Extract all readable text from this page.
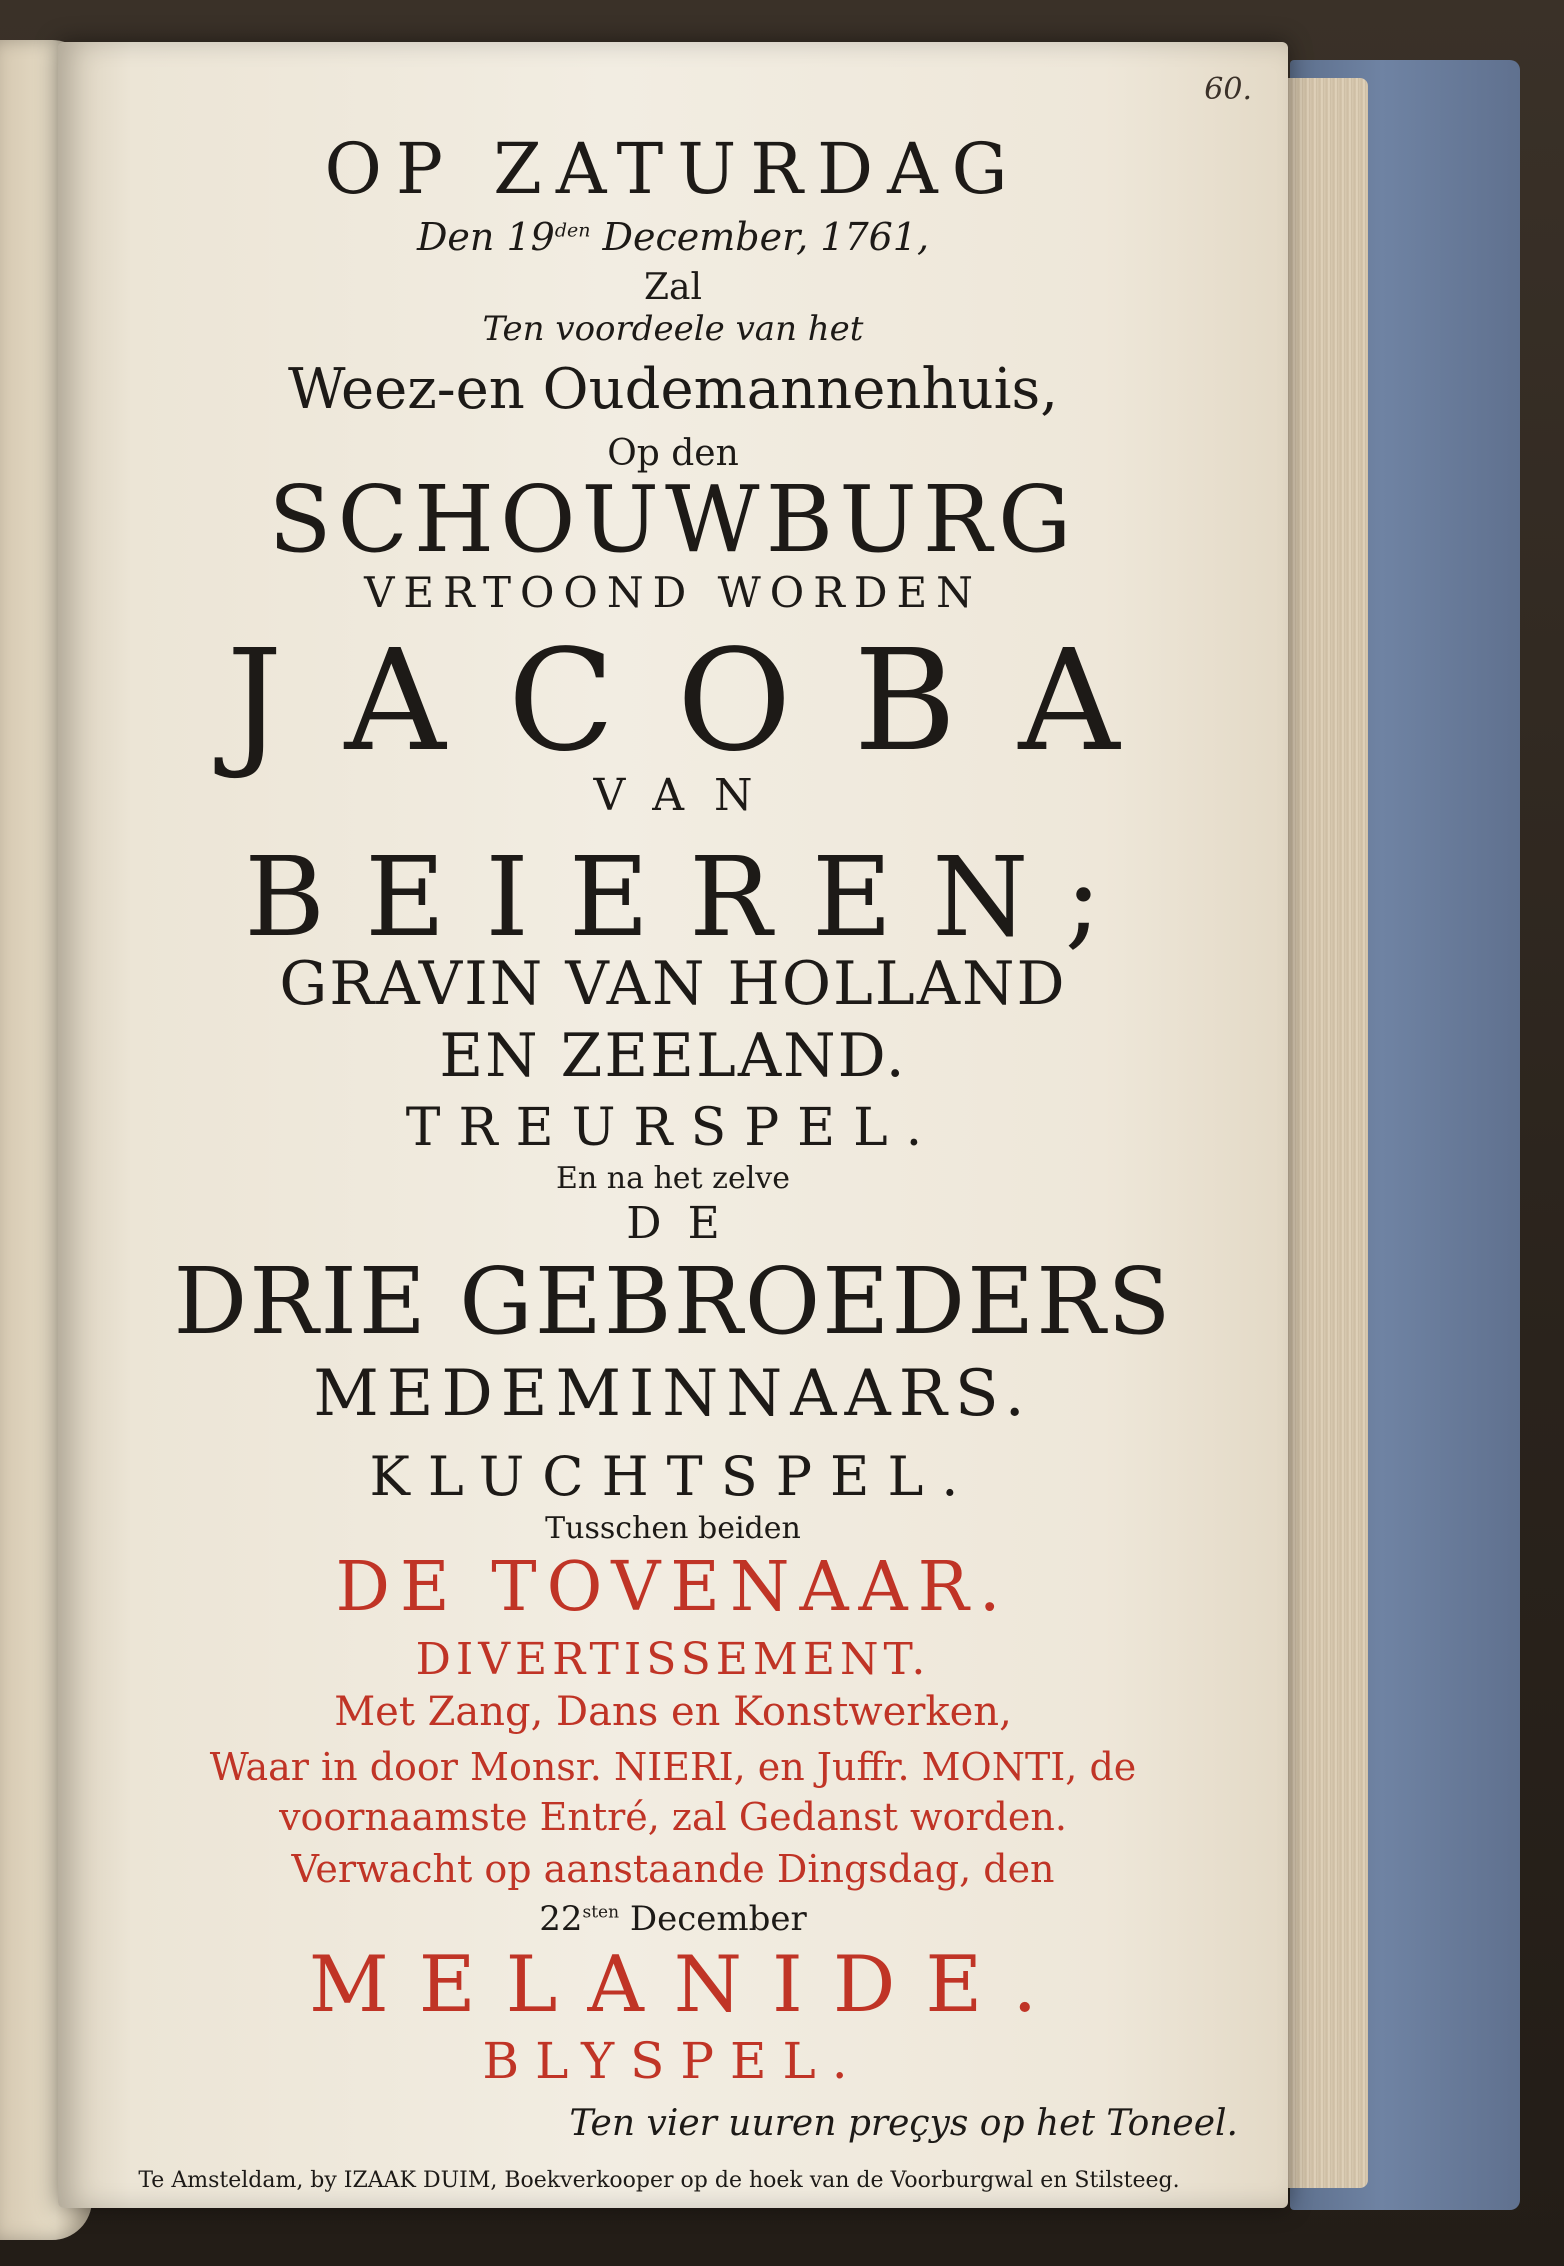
60.
OP ZATURDAG
Den $19^{den}$ December, 1761,
Zal
Ten voordeele van het
Weez-en Oudemannenhuis,
Op den
SCHOUWBURG
VERTOOND WORDEN
JACOBA
VAN
BEIEREN;
GRAVIN VAN HOLLAND
EN ZEELAND.
TREURSPEL.
En na het zelve
DE
DRIE GEBROEDERS
MEDEMINNAARS.
KLUCHTSPEL.
Tusschen beiden
DE TOVENAAR.
DIVERTISSEMENT.
Met Zang, Dans en Konstwerken,
Waar in door Monsr. NIERI, en Juffr. MONTI, de
voornaamste Entré, zal Gedanst worden.
Verwacht op aanstaande Dingsdag, den
$22^{sten}$ December
MELANIDE.
BLYSPEL.
Ten vier uuren preçys op het Toneel.
Te Amsteldam, by IZAAK DUIM, Boekverkooper op de hoek van de Voorburgwal en Stilsteeg.
